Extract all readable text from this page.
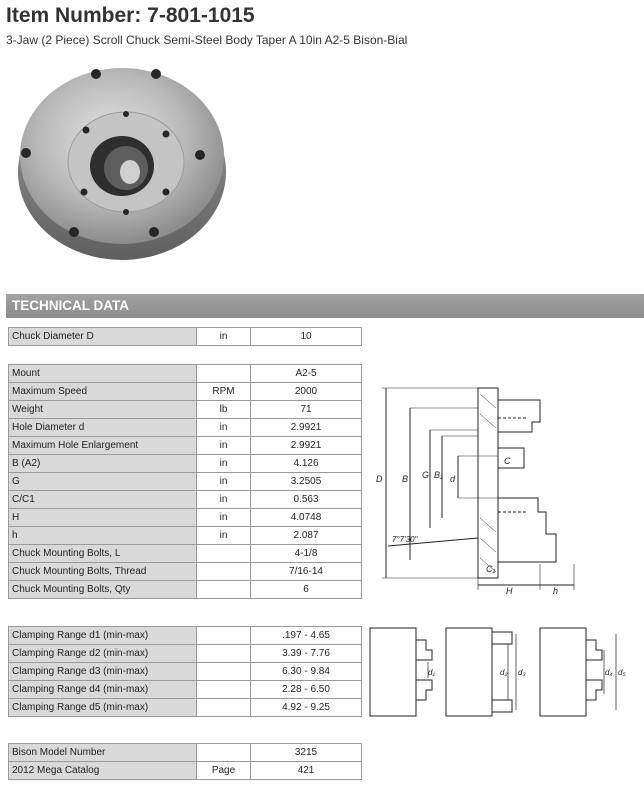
Item Number: 7-801-1015
3-Jaw (2 Piece) Scroll Chuck Semi-Steel Body Taper A 10in A2-5 Bison-Bial
TECHNICAL DATA
Chuck Diameter D	in	10
Mount		A2-5
Maximum Speed	RPM	2000
Weight	lb	71
Hole Diameter d	in	2.9921
Maximum Hole Enlargement	in	2.9921
B (A2)	in	4.126
G	in	3.2505
C/C1	in	0.563
H	in	4.0748
h	in	2.087
Chuck Mounting Bolts, L		4-1/8
Chuck Mounting Bolts, Thread		7/16-14
Chuck Mounting Bolts, Qty		6
Clamping Range d1 (min-max)		.197 - 4.65
Clamping Range d2 (min-max)		3.39 - 7.76
Clamping Range d3 (min-max)		6.30 - 9.84
Clamping Range d4 (min-max)		2.28 - 6.50
Clamping Range d5 (min-max)		4.92 - 9.25
Bison Model Number		3215
2012 Mega Catalog	Page	421
D B G B₁ d
C
C₁
H	h
7°7'30"
d₁	d₂ d₃	d₄ d₅
